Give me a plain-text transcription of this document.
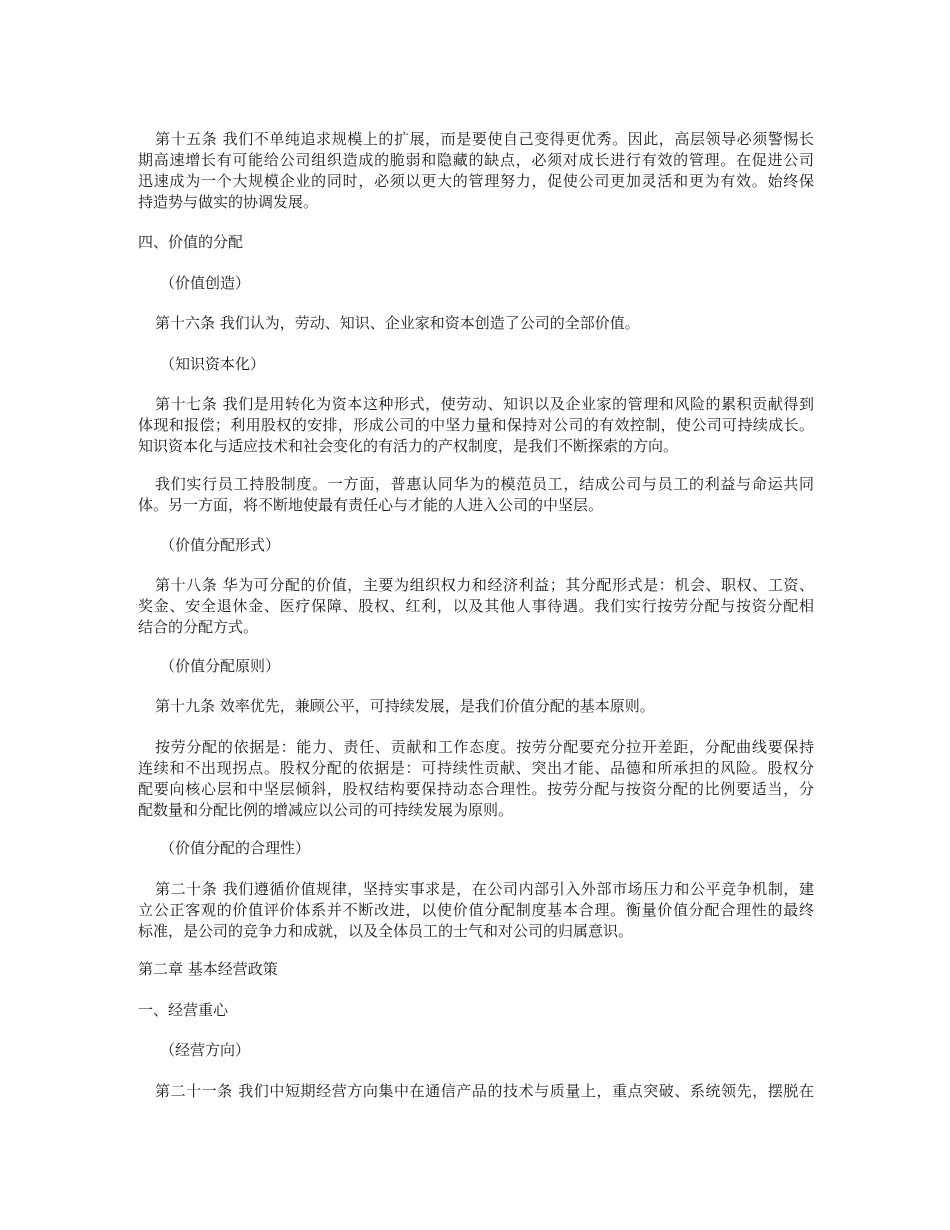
第十五条 我们不单纯追求规模上的扩展，而是要使自己变得更优秀。因此，高层领导必须警惕长
期高速增长有可能给公司组织造成的脆弱和隐藏的缺点，必须对成长进行有效的管理。在促进公司
迅速成为一个大规模企业的同时，必须以更大的管理努力，促使公司更加灵活和更为有效。始终保
持造势与做实的协调发展。

四、价值的分配

（价值创造）

第十六条 我们认为，劳动、知识、企业家和资本创造了公司的全部价值。

（知识资本化）

第十七条 我们是用转化为资本这种形式，使劳动、知识以及企业家的管理和风险的累积贡献得到
体现和报偿；利用股权的安排，形成公司的中坚力量和保持对公司的有效控制，使公司可持续成长。
知识资本化与适应技术和社会变化的有活力的产权制度，是我们不断探索的方向。

我们实行员工持股制度。一方面，普惠认同华为的模范员工，结成公司与员工的利益与命运共同
体。另一方面，将不断地使最有责任心与才能的人进入公司的中坚层。

（价值分配形式）

第十八条 华为可分配的价值，主要为组织权力和经济利益；其分配形式是：机会、职权、工资、
奖金、安全退休金、医疗保障、股权、红利，以及其他人事待遇。我们实行按劳分配与按资分配相
结合的分配方式。

（价值分配原则）

第十九条 效率优先，兼顾公平，可持续发展，是我们价值分配的基本原则。

按劳分配的依据是：能力、责任、贡献和工作态度。按劳分配要充分拉开差距，分配曲线要保持
连续和不出现拐点。股权分配的依据是：可持续性贡献、突出才能、品德和所承担的风险。股权分
配要向核心层和中坚层倾斜，股权结构要保持动态合理性。按劳分配与按资分配的比例要适当，分
配数量和分配比例的增减应以公司的可持续发展为原则。

（价值分配的合理性）

第二十条 我们遵循价值规律，坚持实事求是，在公司内部引入外部市场压力和公平竞争机制，建
立公正客观的价值评价体系并不断改进，以使价值分配制度基本合理。衡量价值分配合理性的最终
标准，是公司的竞争力和成就，以及全体员工的士气和对公司的归属意识。

第二章 基本经营政策

一、经营重心

（经营方向）

第二十一条 我们中短期经营方向集中在通信产品的技术与质量上，重点突破、系统领先，摆脱在
